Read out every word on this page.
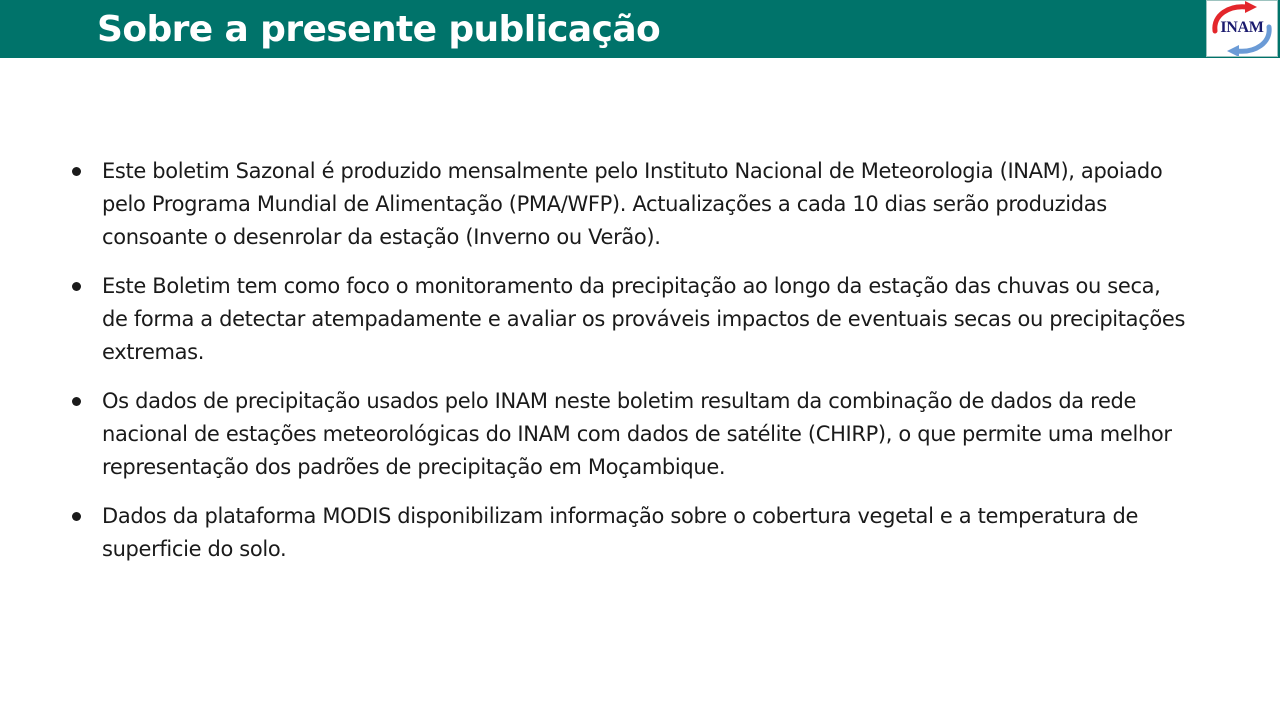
Sobre a presente publicação	INAM
Este boletim Sazonal é produzido mensalmente pelo Instituto Nacional de Meteorologia (INAM), apoiado pelo Programa Mundial de Alimentação (PMA/WFP). Actualizações a cada 10 dias serão produzidas consoante o desenrolar da estação (Inverno ou Verão).
Este Boletim tem como foco o monitoramento da precipitação ao longo da estação das chuvas ou seca, de forma a detectar atempadamente e avaliar os prováveis impactos de eventuais secas ou precipitações extremas.
Os dados de precipitação usados pelo INAM neste boletim resultam da combinação de dados da rede nacional de estações meteorológicas do INAM com dados de satélite (CHIRP), o que permite uma melhor representação dos padrões de precipitação em Moçambique.
Dados da plataforma MODIS disponibilizam informação sobre o cobertura vegetal e a temperatura de superficie do solo.
